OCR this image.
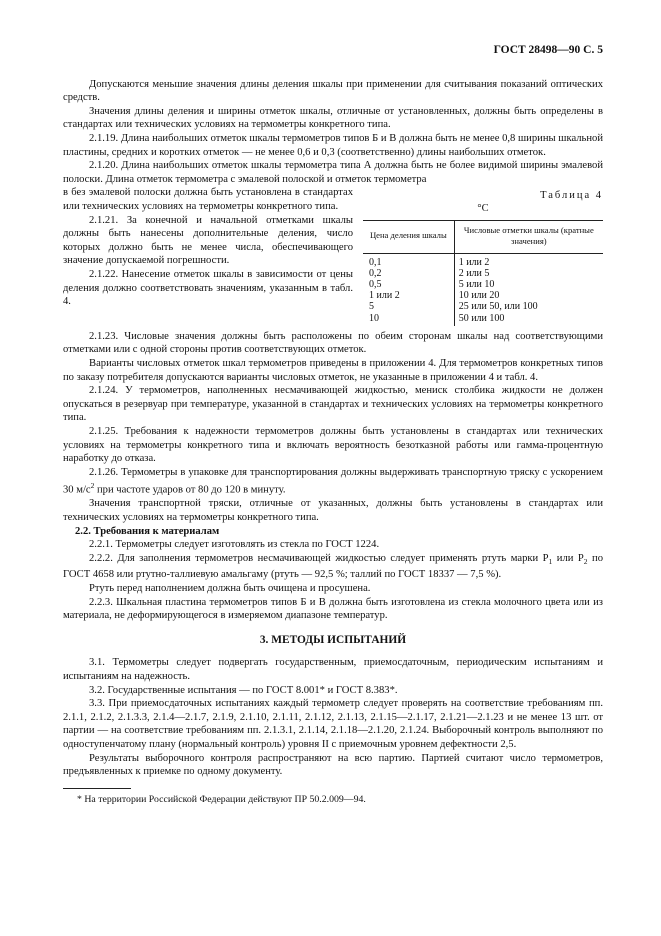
ГОСТ 28498—90 С. 5

Допускаются меньшие значения длины деления шкалы при применении для считывания показаний оптических средств.

Значения длины деления и ширины отметок шкалы, отличные от установленных, должны быть определены в стандартах или технических условиях на термометры конкретного типа.

2.1.19. Длина наибольших отметок шкалы термометров типов Б и В должна быть не менее 0,8 ширины шкальной пластины, средних и коротких отметок — не менее 0,6 и 0,3 (соответственно) длины наибольших отметок.

2.1.20. Длина наибольших отметок шкалы термометра типа А должна быть не более видимой ширины эмалевой полоски. Длина отметок термометра с эмалевой полоской и отметок термометра

Таблица 4
°С
Цена деления шкалы	Числовые отметки шкалы (кратные значения)
0,1	1 или 2
0,2	2 или 5
0,5	5 или 10
1 или 2	10 или 20
5	25 или 50, или 100
10	50 или 100

в без эмалевой полоски должна быть установлена в стандартах или технических условиях на термометры конкретного типа.

2.1.21. За конечной и начальной отметками шкалы должны быть нанесены дополнительные деления, число которых должно быть не менее числа, обеспечивающего значение допускаемой погрешности.

2.1.22. Нанесение отметок шкалы в зависимости от цены деления должно соответствовать значениям, указанным в табл. 4.

2.1.23. Числовые значения должны быть расположены по обеим сторонам шкалы над соответствующими отметками или с одной стороны против соответствующих отметок.

Варианты числовых отметок шкал термометров приведены в приложении 4. Для термометров конкретных типов по заказу потребителя допускаются варианты числовых отметок, не указанные в приложении 4 и табл. 4.

2.1.24. У термометров, наполненных несмачивающей жидкостью, мениск столбика жидкости не должен опускаться в резервуар при температуре, указанной в стандартах и технических условиях на термометры конкретного типа.

2.1.25. Требования к надежности термометров должны быть установлены в стандартах или технических условиях на термометры конкретного типа и включать вероятность безотказной работы или гамма-процентную наработку до отказа.

2.1.26. Термометры в упаковке для транспортирования должны выдерживать транспортную тряску с ускорением 30 $м/с^2$ при частоте ударов от 80 до 120 в минуту.

Значения транспортной тряски, отличные от указанных, должны быть установлены в стандартах или технических условиях на термометры конкретного типа.

2.2. Требования к материалам

2.2.1. Термометры следует изготовлять из стекла по ГОСТ 1224.

2.2.2. Для заполнения термометров несмачивающей жидкостью следует применять ртуть марки $Р_1$ или $Р_2$ по ГОСТ 4658 или ртутно-таллиевую амальгаму (ртуть — 92,5 %; таллий по ГОСТ 18337 — 7,5 %).

Ртуть перед наполнением должна быть очищена и просушена.

2.2.3. Шкальная пластина термометров типов Б и В должна быть изготовлена из стекла молочного цвета или из материала, не деформирующегося в измеряемом диапазоне температур.

3. МЕТОДЫ ИСПЫТАНИЙ

3.1. Термометры следует подвергать государственным, приемосдаточным, периодическим испытаниям и испытаниям на надежность.

3.2. Государственные испытания — по ГОСТ 8.001* и ГОСТ 8.383*.

3.3. При приемосдаточных испытаниях каждый термометр следует проверять на соответствие требованиям пп. 2.1.1, 2.1.2, 2.1.3.3, 2.1.4—2.1.7, 2.1.9, 2.1.10, 2.1.11, 2.1.12, 2.1.13, 2.1.15—2.1.17, 2.1.21—2.1.23 и не менее 13 шт. от партии — на соответствие требованиям пп. 2.1.3.1, 2.1.14, 2.1.18—2.1.20, 2.1.24. Выборочный контроль выполняют по одноступенчатому плану (нормальный контроль) уровня II с приемочным уровнем дефектности 2,5.

Результаты выборочного контроля распространяют на всю партию. Партией считают число термометров, предъявленных к приемке по одному документу.

* На территории Российской Федерации действуют ПР 50.2.009—94.
